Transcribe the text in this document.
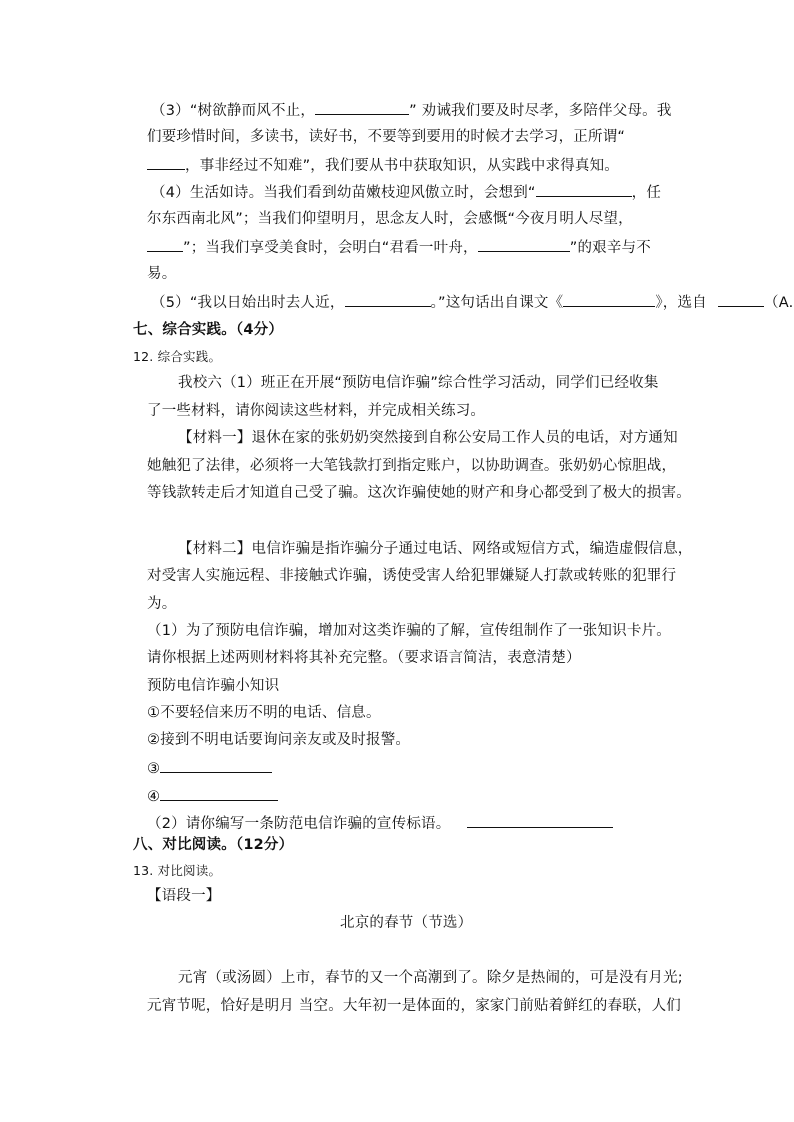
（3）“树欲静而风不止，	” 劝诫我们要及时尽孝，多陪伴父母。我
们要珍惜时间，多读书，读好书，不要等到要用的时候才去学习，正所谓“
，事非经过不知难”，我们要从书中获取知识，从实践中求得真知。
（4）生活如诗。当我们看到幼苗嫩枝迎风傲立时，会想到“	，任
尔东西南北风”；当我们仰望明月，思念友人时，会感慨“今夜月明人尽望，
”；当我们享受美食时，会明白“君看一叶舟，	”的艰辛与不
易。
（5）“我以日始出时去人近，	。”这句话出自课文《	》，选自	（A.
七、综合实践。（4分）
12. 综合实践。
我校六（1）班正在开展“预防电信诈骗”综合性学习活动，同学们已经收集
了一些材料，请你阅读这些材料，并完成相关练习。
【材料一】退休在家的张奶奶突然接到自称公安局工作人员的电话，对方通知
她触犯了法律，必须将一大笔钱款打到指定账户，以协助调查。张奶奶心惊胆战，
等钱款转走后才知道自己受了骗。这次诈骗使她的财产和身心都受到了极大的损害。
【材料二】电信诈骗是指诈骗分子通过电话、网络或短信方式，编造虚假信息，
对受害人实施远程、非接触式诈骗，诱使受害人给犯罪嫌疑人打款或转账的犯罪行
为。
（1）为了预防电信诈骗，增加对这类诈骗的了解，宣传组制作了一张知识卡片。
请你根据上述两则材料将其补充完整。（要求语言简洁，表意清楚）
预防电信诈骗小知识
①不要轻信来历不明的电话、信息。
②接到不明电话要询问亲友或及时报警。
③
④
（2）请你编写一条防范电信诈骗的宣传标语。
八、对比阅读。（12分）
13. 对比阅读。
【语段一】
北京的春节（节选）
元宵（或汤圆）上市，春节的又一个高潮到了。除夕是热闹的，可是没有月光;
元宵节呢，恰好是明月 当空。大年初一是体面的，家家门前贴着鲜红的春联，人们
